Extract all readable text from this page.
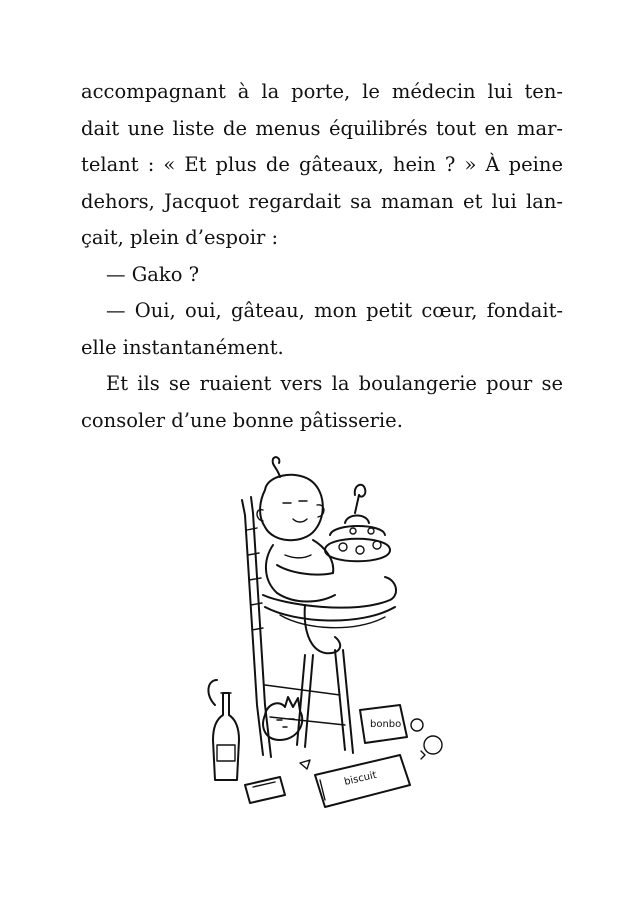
accompagnant à la porte, le médecin lui ten-
dait une liste de menus équilibrés tout en mar-
telant : « Et plus de gâteaux, hein ? » À peine
dehors, Jacquot regardait sa maman et lui lan-
çait, plein d’espoir :
— Gako ?
— Oui, oui, gâteau, mon petit cœur, fondait-
elle instantanément.
Et ils se ruaient vers la boulangerie pour se
consoler d’une bonne pâtisserie.
biscuit
bonbo
